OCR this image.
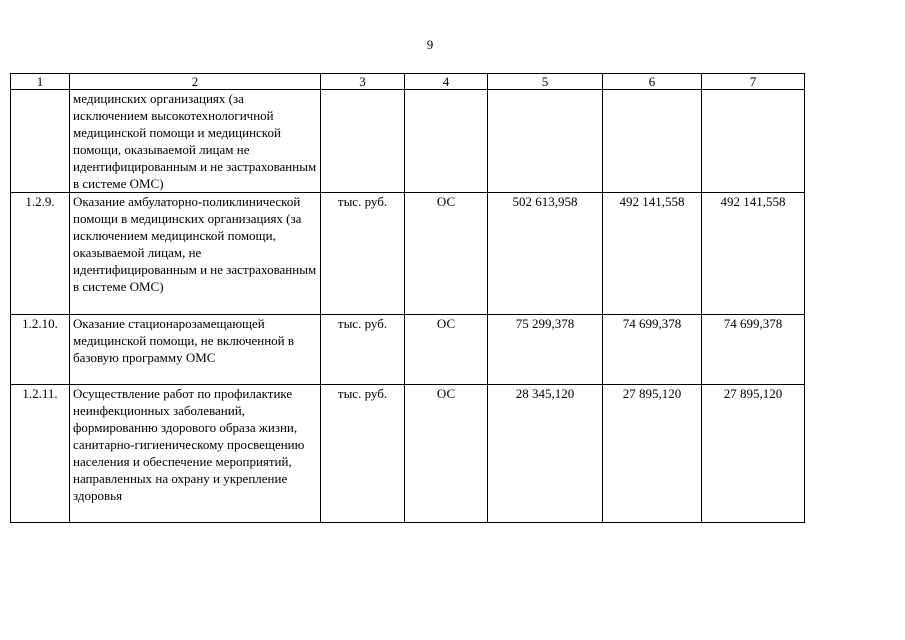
9
1	2	3	4	5	6	7
	медицинских организациях (за исключением высокотехнологичной медицинской помощи и медицинской помощи, оказываемой лицам не идентифицированным и не застрахованным в системе ОМС)					
1.2.9.	Оказание амбулаторно-поликлинической помощи в медицинских организациях (за исключением медицинской помощи, оказываемой лицам, не идентифицированным и не застрахованным в системе ОМС)	тыс. руб.	ОС	502 613,958	492 141,558	492 141,558
1.2.10.	Оказание стационарозамещающей медицинской помощи, не включенной в базовую программу ОМС	тыс. руб.	ОС	75 299,378	74 699,378	74 699,378
1.2.11.	Осуществление работ по профилактике неинфекционных заболеваний, формированию здорового образа жизни, санитарно-гигиеническому просвещению населения и обеспечение мероприятий, направленных на охрану и укрепление здоровья	тыс. руб.	ОС	28 345,120	27 895,120	27 895,120
